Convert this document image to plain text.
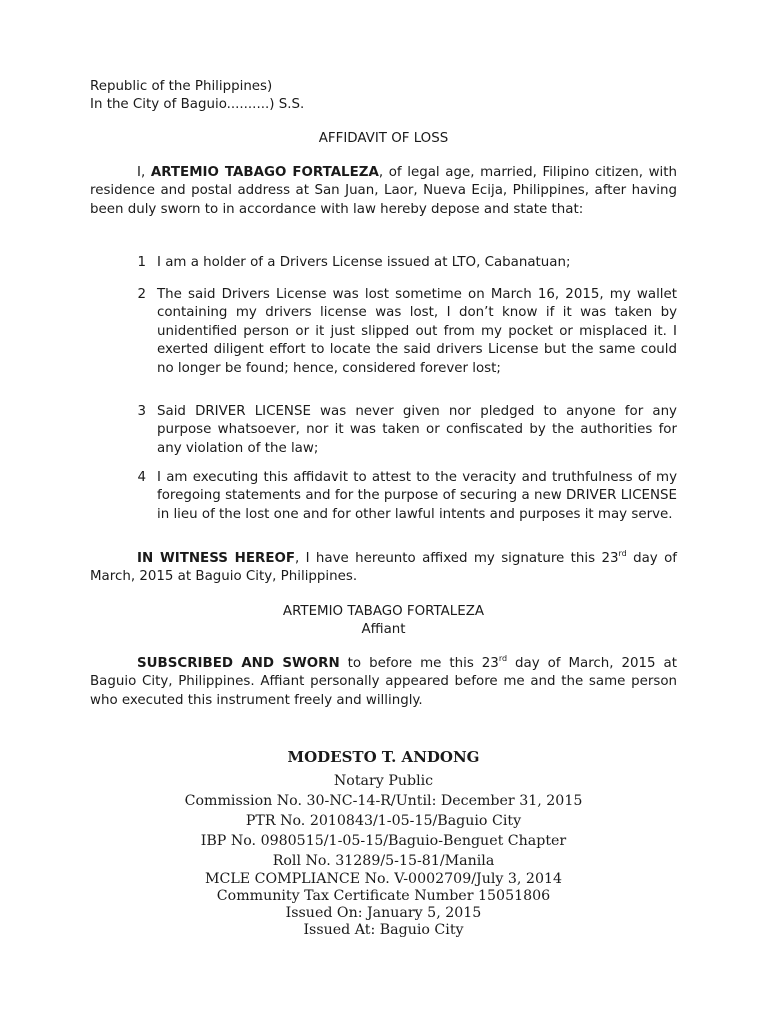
Republic of the Philippines)
In the City of Baguio..........) S.S.
AFFIDAVIT OF LOSS
I, ARTEMIO TABAGO FORTALEZA, of legal age, married, Filipino citizen, with residence and postal address at San Juan, Laor, Nueva Ecija, Philippines, after having been duly sworn to in accordance with law hereby depose and state that:
1 I am a holder of a Drivers License issued at LTO, Cabanatuan;
2 The said Drivers License was lost sometime on March 16, 2015, my wallet containing my drivers license was lost, I don’t know if it was taken by unidentified person or it just slipped out from my pocket or misplaced it. I exerted diligent effort to locate the said drivers License but the same could no longer be found; hence, considered forever lost;
3 Said DRIVER LICENSE was never given nor pledged to anyone for any purpose whatsoever, nor it was taken or confiscated by the authorities for any violation of the law;
4 I am executing this affidavit to attest to the veracity and truthfulness of my foregoing statements and for the purpose of securing a new DRIVER LICENSE in lieu of the lost one and for other lawful intents and purposes it may serve.
IN WITNESS HEREOF, I have hereunto affixed my signature this 23rd day of March, 2015 at Baguio City, Philippines.
ARTEMIO TABAGO FORTALEZA
Affiant
SUBSCRIBED AND SWORN to before me this 23rd day of March, 2015 at Baguio City, Philippines. Affiant personally appeared before me and the same person who executed this instrument freely and willingly.
MODESTO T. ANDONG
Notary Public
Commission No. 30-NC-14-R/Until: December 31, 2015
PTR No. 2010843/1-05-15/Baguio City
IBP No. 0980515/1-05-15/Baguio-Benguet Chapter
Roll No. 31289/5-15-81/Manila
MCLE COMPLIANCE No. V-0002709/July 3, 2014
Community Tax Certificate Number 15051806
Issued On: January 5, 2015
Issued At: Baguio City
